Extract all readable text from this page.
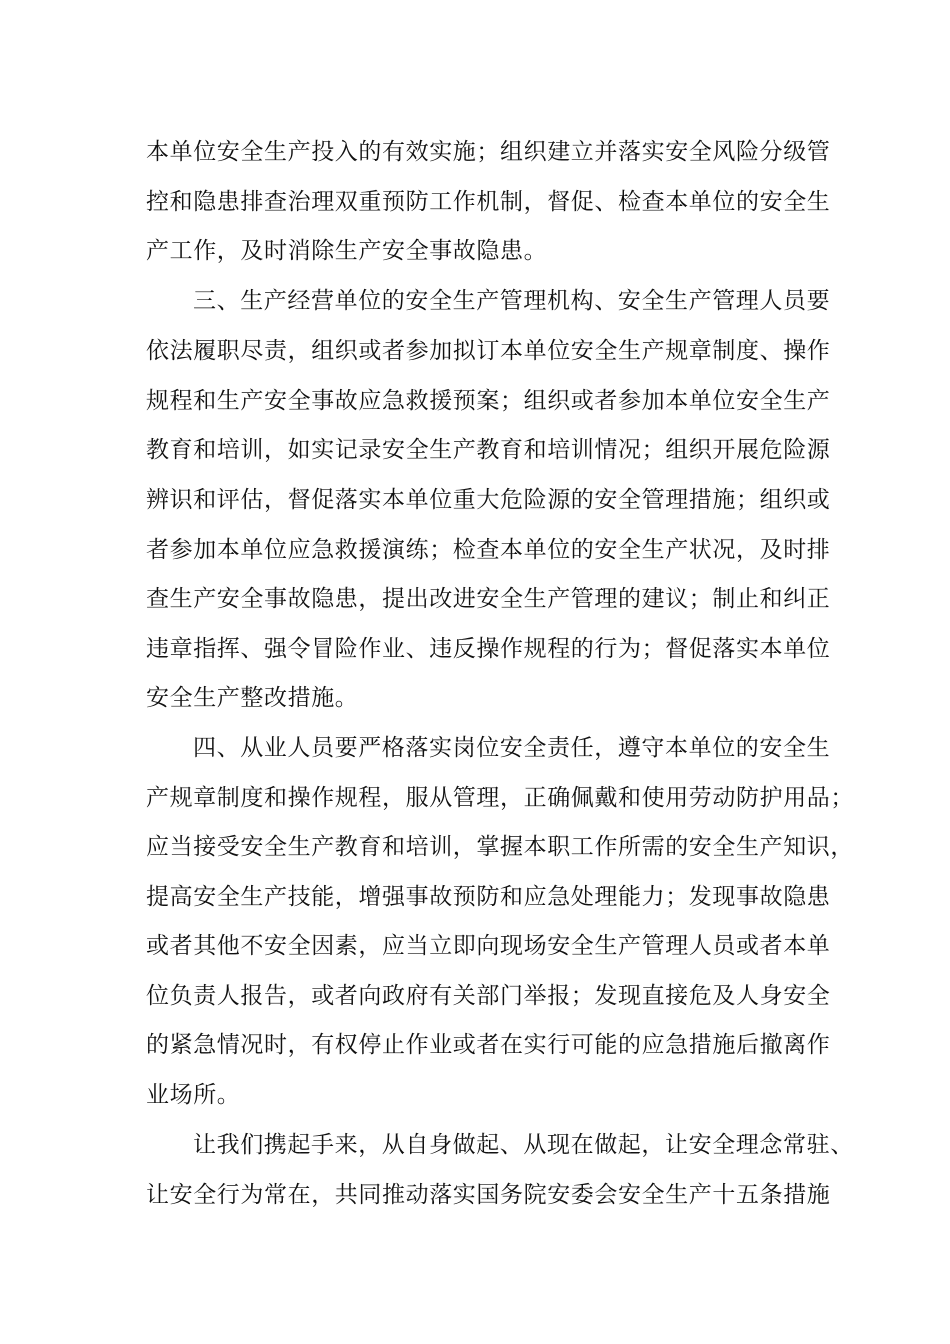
本单位安全生产投入的有效实施；组织建立并落实安全风险分级管
控和隐患排查治理双重预防工作机制，督促、检查本单位的安全生
产工作，及时消除生产安全事故隐患。
三、生产经营单位的安全生产管理机构、安全生产管理人员要
依法履职尽责，组织或者参加拟订本单位安全生产规章制度、操作
规程和生产安全事故应急救援预案；组织或者参加本单位安全生产
教育和培训，如实记录安全生产教育和培训情况；组织开展危险源
辨识和评估，督促落实本单位重大危险源的安全管理措施；组织或
者参加本单位应急救援演练；检查本单位的安全生产状况，及时排
查生产安全事故隐患，提出改进安全生产管理的建议；制止和纠正
违章指挥、强令冒险作业、违反操作规程的行为；督促落实本单位
安全生产整改措施。
四、从业人员要严格落实岗位安全责任，遵守本单位的安全生
产规章制度和操作规程，服从管理，正确佩戴和使用劳动防护用品；
应当接受安全生产教育和培训，掌握本职工作所需的安全生产知识，
提高安全生产技能，增强事故预防和应急处理能力；发现事故隐患
或者其他不安全因素，应当立即向现场安全生产管理人员或者本单
位负责人报告，或者向政府有关部门举报；发现直接危及人身安全
的紧急情况时，有权停止作业或者在实行可能的应急措施后撤离作
业场所。
让我们携起手来，从自身做起、从现在做起，让安全理念常驻、
让安全行为常在，共同推动落实国务院安委会安全生产十五条措施
